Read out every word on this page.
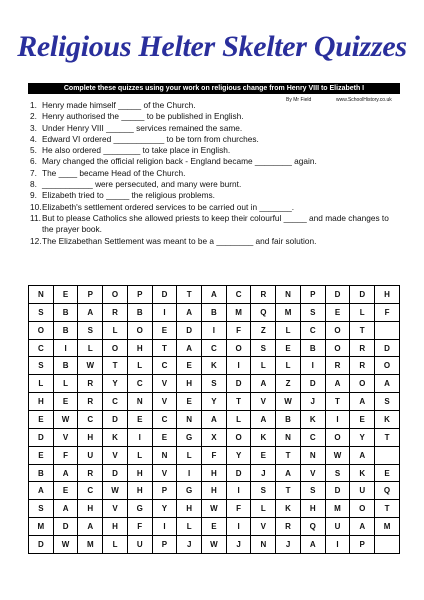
Religious Helter Skelter Quizzes
Complete these quizzes using your work on religious change from Henry VIII to Elizabeth I
By Mr Field	www.SchoolHistory.co.uk
1. Henry made himself _____ of the Church.
2. Henry authorised the _____ to be published in English.
3. Under Henry VIII ______ services remained the same.
4. Edward VI ordered ___________ to be torn from churches.
5. He also ordered ________ to take place in English.
6. Mary changed the official religion back - England became ________ again.
7. The ____ became Head of the Church.
8. ___________ were persecuted, and many were burnt.
9. Elizabeth tried to _____ the religious problems.
10. Elizabeth's settlement ordered services to be carried out in _______.
11. But to please Catholics she allowed priests to keep their colourful _____ and made changes to the prayer book.
12. The Elizabethan Settlement was meant to be a ________ and fair solution.
N	E	P	O	P	D	T	A	C	R	N	P	D	D	H
S	B	A	R	B	I	A	B	M	Q	M	S	E	L	F
O	B	S	L	O	E	D	I	F	Z	L	C	O	T	
C	I	L	O	H	T	A	C	O	S	E	B	O	R	D
S	B	W	T	L	C	E	K	I	L	L	I	R	R	O
L	L	R	Y	C	V	H	S	D	A	Z	D	A	O	A
H	E	R	C	N	V	E	Y	T	V	W	J	T	A	S
E	W	C	D	E	C	N	A	L	A	B	K	I	E	K
D	V	H	K	I	E	G	X	O	K	N	C	O	Y	T
E	F	U	V	L	N	L	F	Y	E	T	N	W	A	
B	A	R	D	H	V	I	H	D	J	A	V	S	K	E
A	E	C	W	H	P	G	H	I	S	T	S	D	U	Q
S	A	H	V	G	Y	H	W	F	L	K	H	M	O	T
M	D	A	H	F	I	L	E	I	V	R	Q	U	A	M
D	W	M	L	U	P	J	W	J	N	J	A	I	P	
